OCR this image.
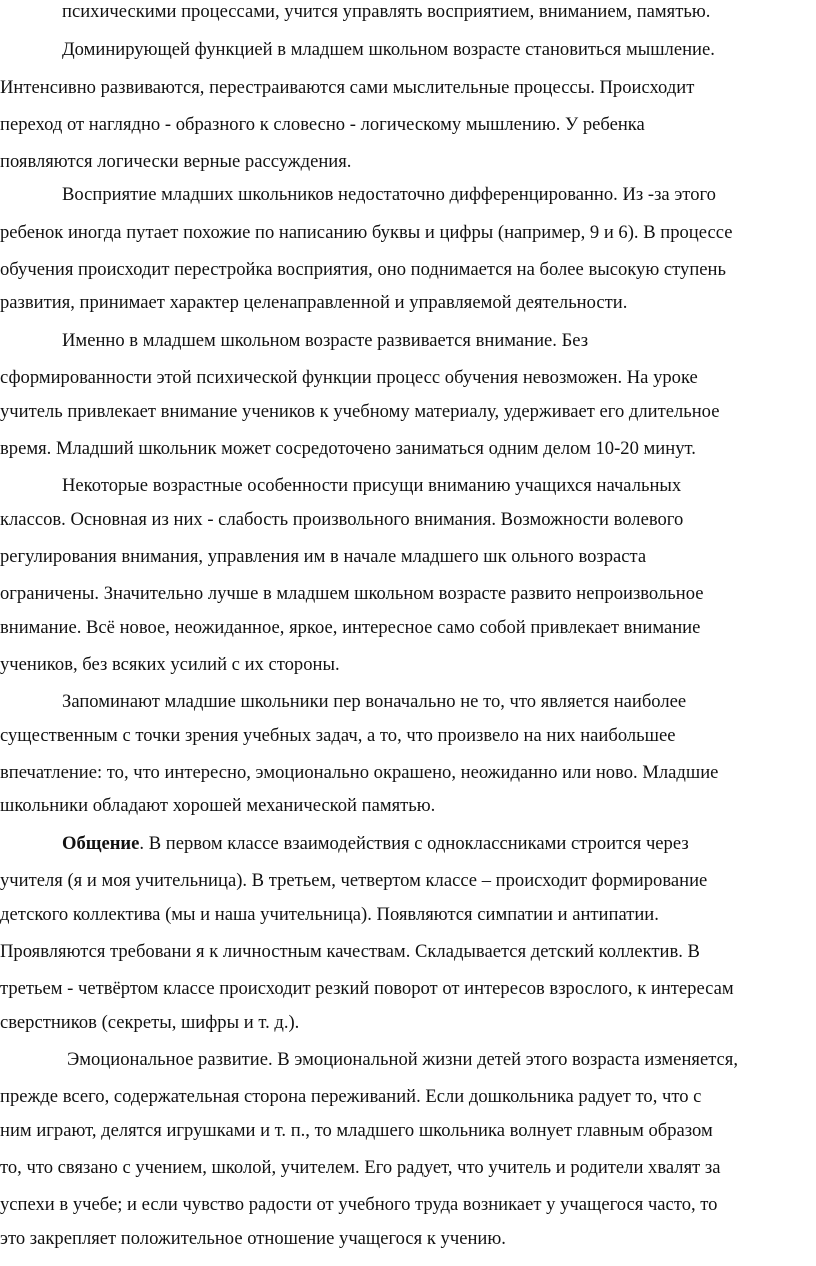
психическими процессами, учится управлять восприятием, вниманием, памятью.
Доминирующей функцией в младшем школьном возрасте становиться мышление.
Интенсивно развиваются, перестраиваются сами мыслительные процессы. Происходит
переход от наглядно - образного к словесно - логическому мышлению. У ребенка
появляются логически верные рассуждения.
Восприятие младших школьников недостаточно дифференцированно. Из -за этого
ребенок иногда путает похожие по написанию буквы и цифры (например, 9 и 6). В процессе
обучения происходит перестройка восприятия, оно поднимается на более высокую ступень
развития, принимает характер целенаправленной и управляемой деятельности.
Именно в младшем школьном возрасте развивается внимание. Без
сформированности этой психической функции процесс обучения невозможен. На уроке
учитель привлекает внимание учеников к учебному материалу, удерживает его длительное
время. Младший школьник может сосредоточено заниматься одним делом 10-20 минут.
Некоторые возрастные особенности присущи вниманию учащихся начальных
классов. Основная из них - слабость произвольного внимания. Возможности волевого
регулирования внимания, управления им в начале младшего шк ольного возраста
ограничены. Значительно лучше в младшем школьном возрасте развито непроизвольное
внимание. Всё новое, неожиданное, яркое, интересное само собой привлекает внимание
учеников, без всяких усилий с их стороны.
Запоминают младшие школьники пер воначально не то, что является наиболее
существенным с точки зрения учебных задач, а то, что произвело на них наибольшее
впечатление: то, что интересно, эмоционально окрашено, неожиданно или ново. Младшие
школьники обладают хорошей механической памятью.
Общение. В первом классе взаимодействия с одноклассниками строится через
учителя (я и моя учительница). В третьем, четвертом классе – происходит формирование
детского коллектива (мы и наша учительница). Появляются симпатии и антипатии.
Проявляются требовани я к личностным качествам. Складывается детский коллектив. В
третьем - четвёртом классе происходит резкий поворот от интересов взрослого, к интересам
сверстников (секреты, шифры и т. д.).
Эмоциональное развитие. В эмоциональной жизни детей этого возраста изменяется,
прежде всего, содержательная сторона переживаний. Если дошкольника радует то, что с
ним играют, делятся игрушками и т. п., то младшего школьника волнует главным образом
то, что связано с учением, школой, учителем. Его радует, что учитель и родители хвалят за
успехи в учебе; и если чувство радости от учебного труда возникает у учащегося часто, то
это закрепляет положительное отношение учащегося к учению.
